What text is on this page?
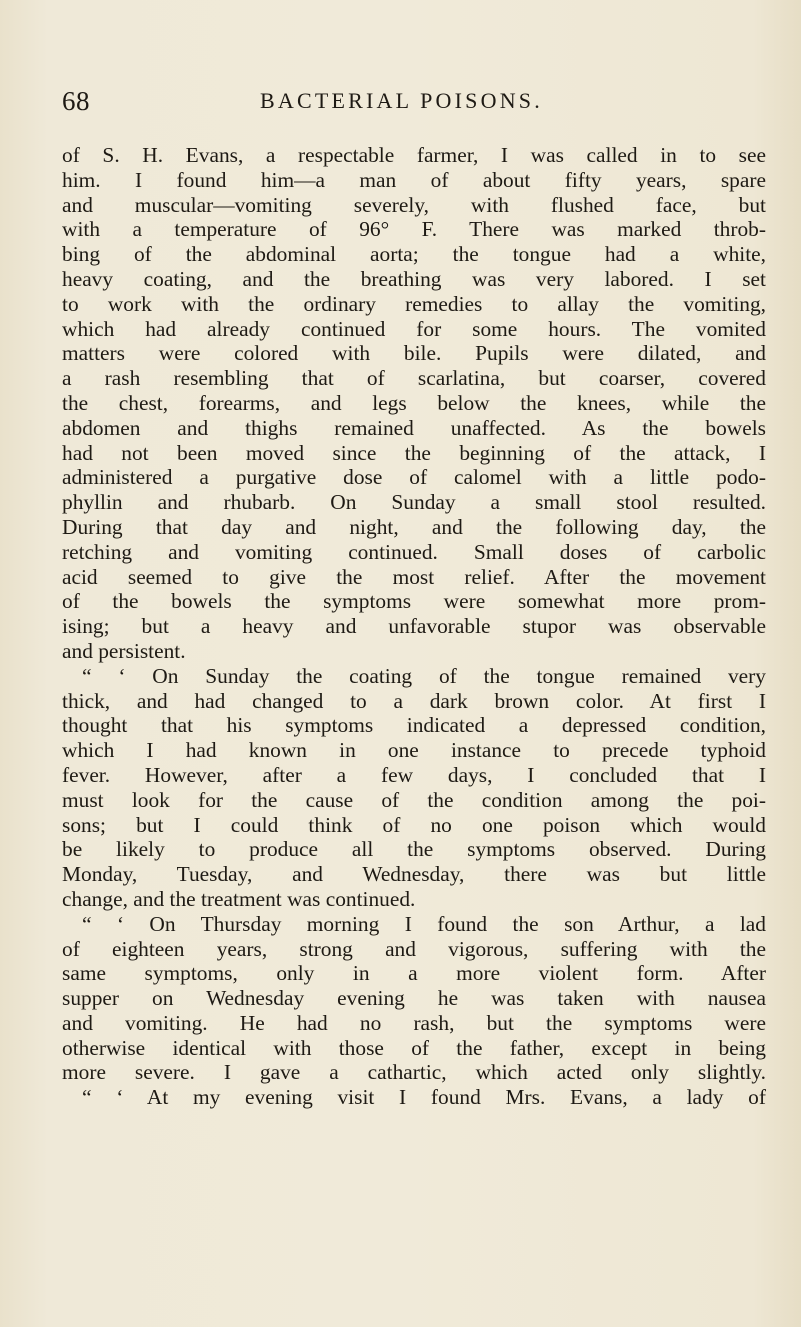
68	BACTERIAL POISONS.
of S. H. Evans, a respectable farmer, I was called in to see
him. I found him—a man of about fifty years, spare
and muscular—vomiting severely, with flushed face, but
with a temperature of 96° F. There was marked throb-
bing of the abdominal aorta; the tongue had a white,
heavy coating, and the breathing was very labored. I set
to work with the ordinary remedies to allay the vomiting,
which had already continued for some hours. The vomited
matters were colored with bile. Pupils were dilated, and
a rash resembling that of scarlatina, but coarser, covered
the chest, forearms, and legs below the knees, while the
abdomen and thighs remained unaffected. As the bowels
had not been moved since the beginning of the attack, I
administered a purgative dose of calomel with a little podo-
phyllin and rhubarb. On Sunday a small stool resulted.
During that day and night, and the following day, the
retching and vomiting continued. Small doses of carbolic
acid seemed to give the most relief. After the movement
of the bowels the symptoms were somewhat more prom-
ising; but a heavy and unfavorable stupor was observable
and persistent.
“ ‘ On Sunday the coating of the tongue remained very
thick, and had changed to a dark brown color. At first I
thought that his symptoms indicated a depressed condition,
which I had known in one instance to precede typhoid
fever. However, after a few days, I concluded that I
must look for the cause of the condition among the poi-
sons; but I could think of no one poison which would
be likely to produce all the symptoms observed. During
Monday, Tuesday, and Wednesday, there was but little
change, and the treatment was continued.
“ ‘ On Thursday morning I found the son Arthur, a lad
of eighteen years, strong and vigorous, suffering with the
same symptoms, only in a more violent form. After
supper on Wednesday evening he was taken with nausea
and vomiting. He had no rash, but the symptoms were
otherwise identical with those of the father, except in being
more severe. I gave a cathartic, which acted only slightly.
“ ‘ At my evening visit I found Mrs. Evans, a lady of
